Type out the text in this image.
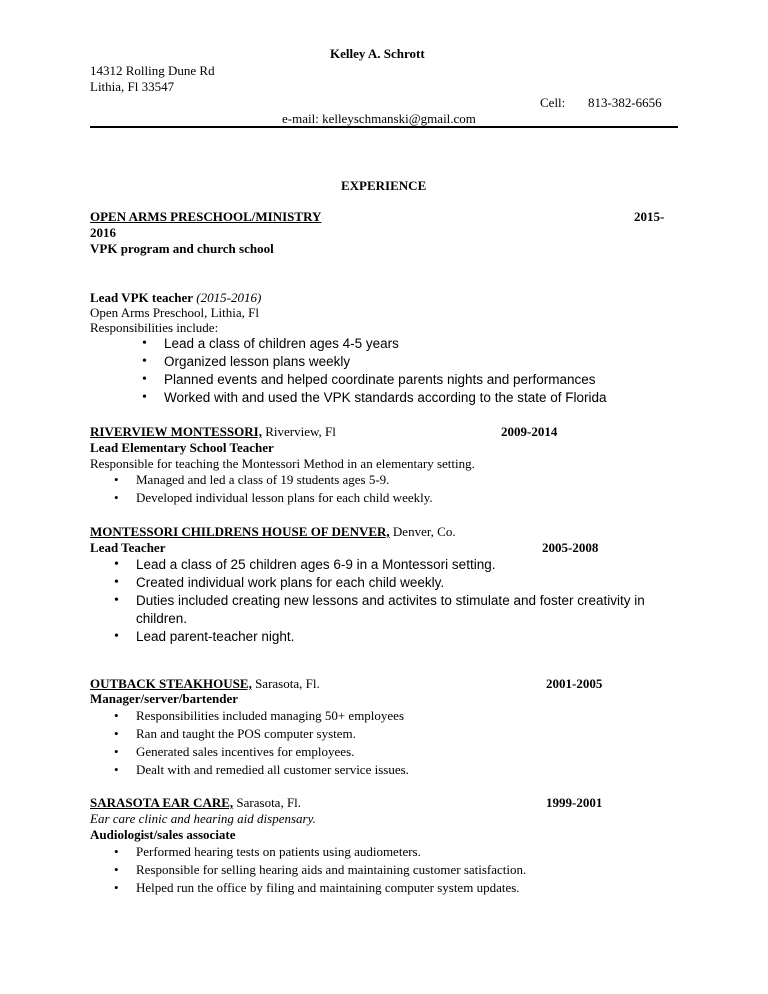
Kelley A. Schrott
14312 Rolling Dune Rd
Lithia, Fl 33547
Cell: 813-382-6656
e-mail: kelleyschmanski@gmail.com
EXPERIENCE
OPEN ARMS PRESCHOOL/MINISTRY	2015-
2016
VPK program and church school
Lead VPK teacher (2015-2016)
Open Arms Preschool, Lithia, Fl
Responsibilities include:
• Lead a class of children ages 4-5 years
• Organized lesson plans weekly
• Planned events and helped coordinate parents nights and performances
• Worked with and used the VPK standards according to the state of Florida
RIVERVIEW MONTESSORI, Riverview, Fl	2009-2014
Lead Elementary School Teacher
Responsible for teaching the Montessori Method in an elementary setting.
• Managed and led a class of 19 students ages 5-9.
• Developed individual lesson plans for each child weekly.
MONTESSORI CHILDRENS HOUSE OF DENVER, Denver, Co.
Lead Teacher	2005-2008
• Lead a class of 25 children ages 6-9 in a Montessori setting.
• Created individual work plans for each child weekly.
• Duties included creating new lessons and activites to stimulate and foster creativity in children.
• Lead parent-teacher night.
OUTBACK STEAKHOUSE, Sarasota, Fl.	2001-2005
Manager/server/bartender
• Responsibilities included managing 50+ employees
• Ran and taught the POS computer system.
• Generated sales incentives for employees.
• Dealt with and remedied all customer service issues.
SARASOTA EAR CARE, Sarasota, Fl.	1999-2001
Ear care clinic and hearing aid dispensary.
Audiologist/sales associate
• Performed hearing tests on patients using audiometers.
• Responsible for selling hearing aids and maintaining customer satisfaction.
• Helped run the office by filing and maintaining computer system updates.
